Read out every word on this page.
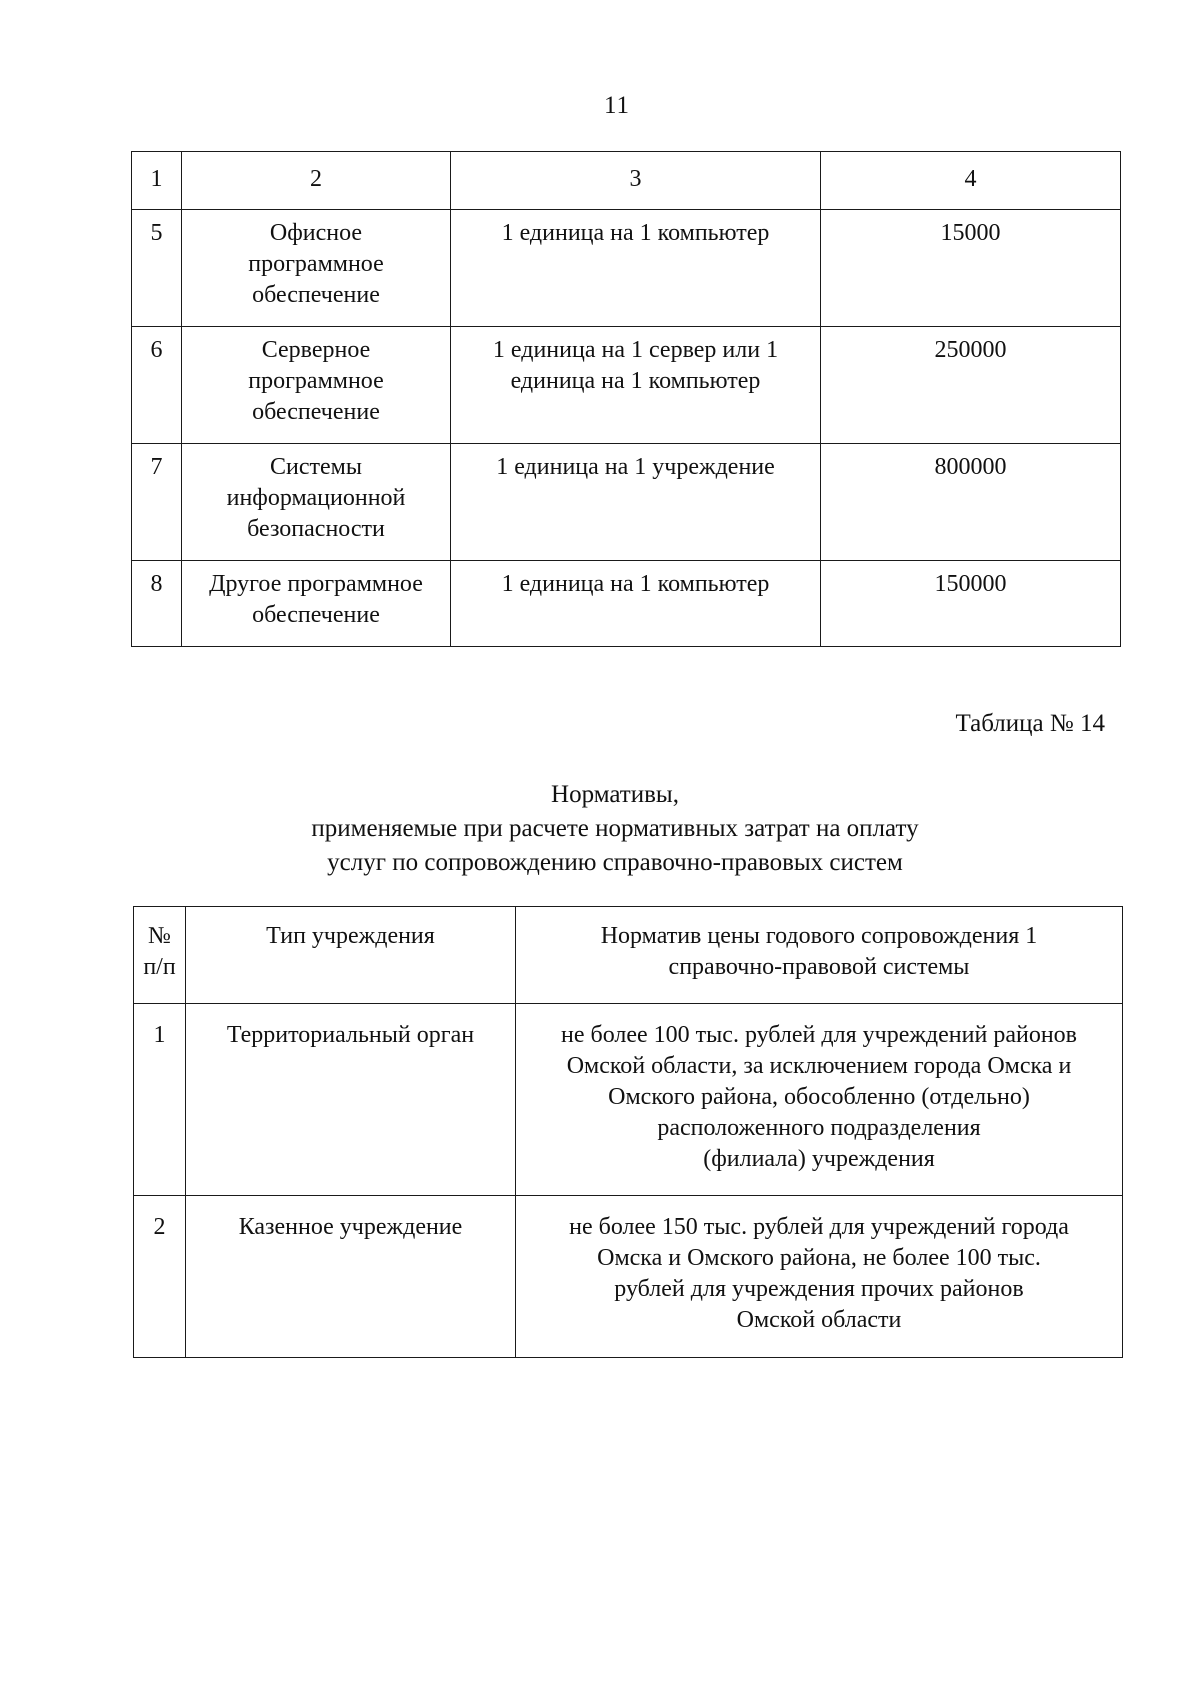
11
1	2	3	4
5	Офисное
программное
обеспечение	1 единица на 1 компьютер	15000
6	Серверное
программное
обеспечение	1 единица на 1 сервер или 1
единица на 1 компьютер	250000
7	Системы
информационной
безопасности	1 единица на 1 учреждение	800000
8	Другое программное
обеспечение	1 единица на 1 компьютер	150000
Таблица № 14
Нормативы,
применяемые при расчете нормативных затрат на оплату
услуг по сопровождению справочно-правовых систем
№
п/п	Тип учреждения	Норматив цены годового сопровождения 1
справочно-правовой системы

1	Территориальный орган	не более 100 тыс. рублей для учреждений районов
Омской области, за исключением города Омска и
Омского района, обособленно (отдельно)
расположенного подразделения
(филиала) учреждения

2	Казенное учреждение	не более 150 тыс. рублей для учреждений города
Омска и Омского района, не более 100 тыс.
рублей для учреждения прочих районов
Омской области
